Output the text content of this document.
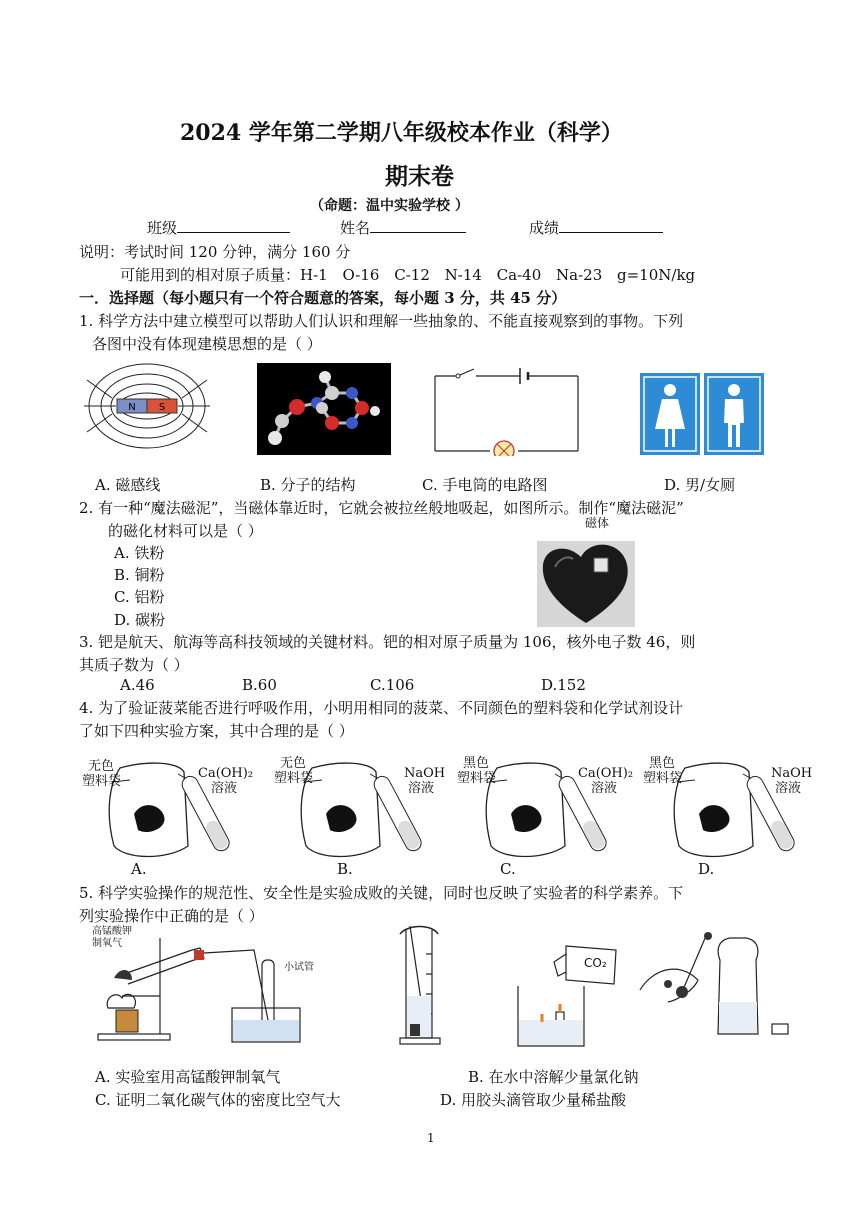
2024 学年第二学期八年级校本作业（科学）
期末卷
（命题：温中实验学校 ）
班级	姓名	成绩
说明：考试时间 120 分钟，满分 160 分
可能用到的相对原子质量：H-1 O-16 C-12 N-14 Ca-40 Na-23 g=10N/kg
一．选择题（每小题只有一个符合题意的答案，每小题 3 分，共 45 分）
1. 科学方法中建立模型可以帮助人们认识和理解一些抽象的、不能直接观察到的事物。下列
各图中没有体现建模思想的是（ ）
N S
A. 磁感线	B. 分子的结构	C. 手电筒的电路图	D. 男/女厕
2. 有一种“魔法磁泥”，当磁体靠近时，它就会被拉丝般地吸起，如图所示。制作“魔法磁泥”
的磁化材料可以是（ ）
A. 铁粉
B. 铜粉
C. 铝粉
D. 碳粉
磁体
3. 钯是航天、航海等高科技领域的关键材料。钯的相对原子质量为 106，核外电子数 46，则
其质子数为（ ）
A.46	B.60	C.106	D.152
4. 为了验证菠菜能否进行呼吸作用，小明用相同的菠菜、不同颜色的塑料袋和化学试剂设计
了如下四种实验方案，其中合理的是（ ）
无色
塑料袋
Ca(OH)₂
溶液
无色
塑料袋	NaOH
溶液
黑色
塑料袋	Ca(OH)₂
溶液
黑色
塑料袋	NaOH
溶液
A.	B.	C.	D.
5. 科学实验操作的规范性、安全性是实验成败的关键，同时也反映了实验者的科学素养。下
列实验操作中正确的是（ ）
高锰酸钾
制氧气
小试管	CO₂
A. 实验室用高锰酸钾制氧气	B. 在水中溶解少量氯化钠
C. 证明二氧化碳气体的密度比空气大	D. 用胶头滴管取少量稀盐酸
1
